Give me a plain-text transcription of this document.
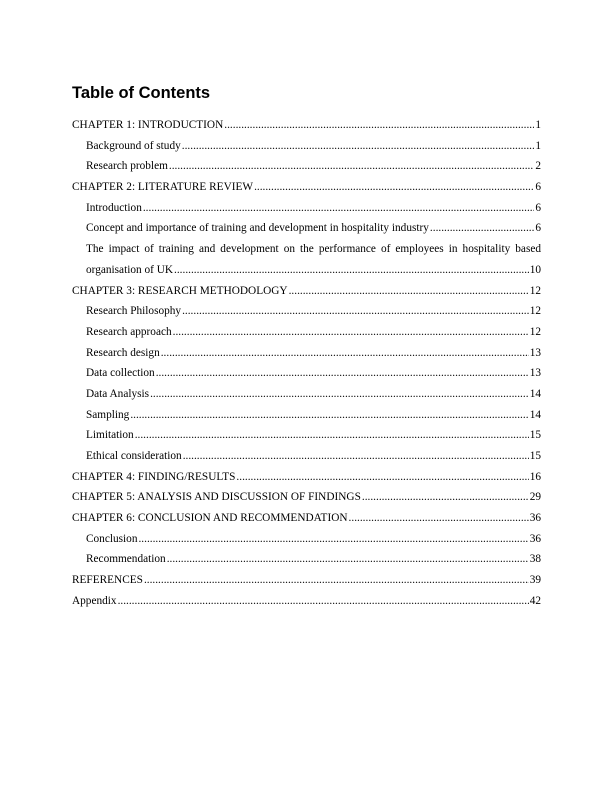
Table of Contents
CHAPTER 1: INTRODUCTION .....	1
Background of study .....	1
Research problem .....	2
CHAPTER 2: LITERATURE REVIEW .....	6
Introduction .....	6
Concept and importance of training and development in hospitality industry .....	6
The impact of training and development on the performance of employees in hospitality based
organisation of UK .....	10
CHAPTER 3: RESEARCH METHODOLOGY .....	12
Research Philosophy .....	12
Research approach .....	12
Research design .....	13
Data collection .....	13
Data Analysis .....	14
Sampling .....	14
Limitation .....	15
Ethical consideration .....	15
CHAPTER 4: FINDING/RESULTS .....	16
CHAPTER 5: ANALYSIS AND DISCUSSION OF FINDINGS .....	29
CHAPTER 6: CONCLUSION AND RECOMMENDATION .....	36
Conclusion .....	36
Recommendation .....	38
REFERENCES .....	39
Appendix .....	42
